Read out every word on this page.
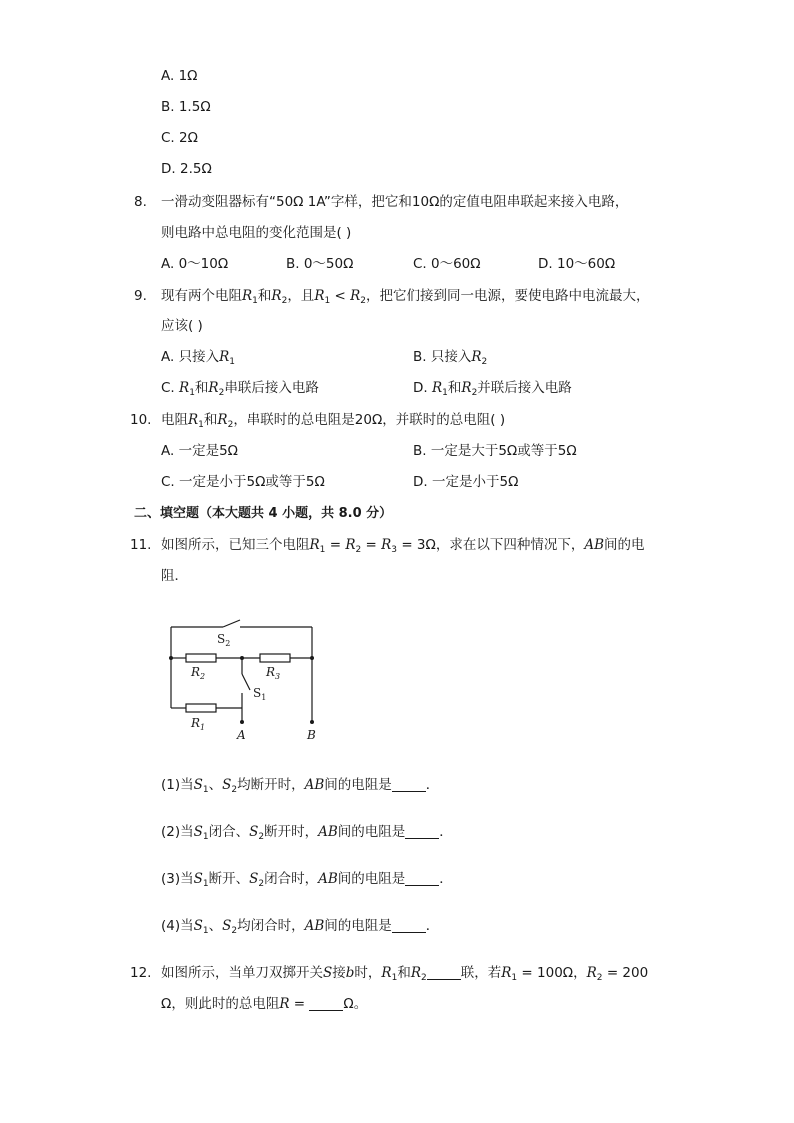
A. 1Ω
B. 1.5Ω
C. 2Ω
D. 2.5Ω
8. 一滑动变阻器标有“50Ω 1A”字样，把它和10Ω的定值电阻串联起来接入电路，
则电路中总电阻的变化范围是( )
A. 0～10Ω	B. 0～50Ω	C. 0～60Ω	D. 10～60Ω
9. 现有两个电阻$R_1$和$R_2$，且$R_1 < R_2$，把它们接到同一电源，要使电路中电流最大，
应该( )
A. 只接入$R_1$	B. 只接入$R_2$
C. $R_1$和$R_2$串联后接入电路	D. $R_1$和$R_2$并联后接入电路
10. 电阻$R_1$和$R_2$，串联时的总电阻是20Ω，并联时的总电阻( )
A. 一定是5Ω	B. 一定是大于5Ω或等于5Ω
C. 一定是小于5Ω或等于5Ω	D. 一定是小于5Ω
二、填空题（本大题共 4 小题，共 8.0 分）
11. 如图所示，已知三个电阻$R_1 = R_2 = R_3 = 3\Omega$，求在以下四种情况下，AB间的电
阻．
$S_2$
$R_2$	$R_3$
$S_1$
$R_1$
A	B
(1)当$S_1$、$S_2$均断开时，AB间的电阻是	．
(2)当$S_1$闭合、$S_2$断开时，AB间的电阻是	．
(3)当$S_1$断开、$S_2$闭合时，AB间的电阻是	．
(4)当$S_1$、$S_2$均闭合时，AB间的电阻是	．
12. 如图所示，当单刀双掷开关S接b时，$R_1$和$R_2$	联，若$R_1 = 100\Omega$，$R_2 = 200$
Ω，则此时的总电阻R =	Ω。
